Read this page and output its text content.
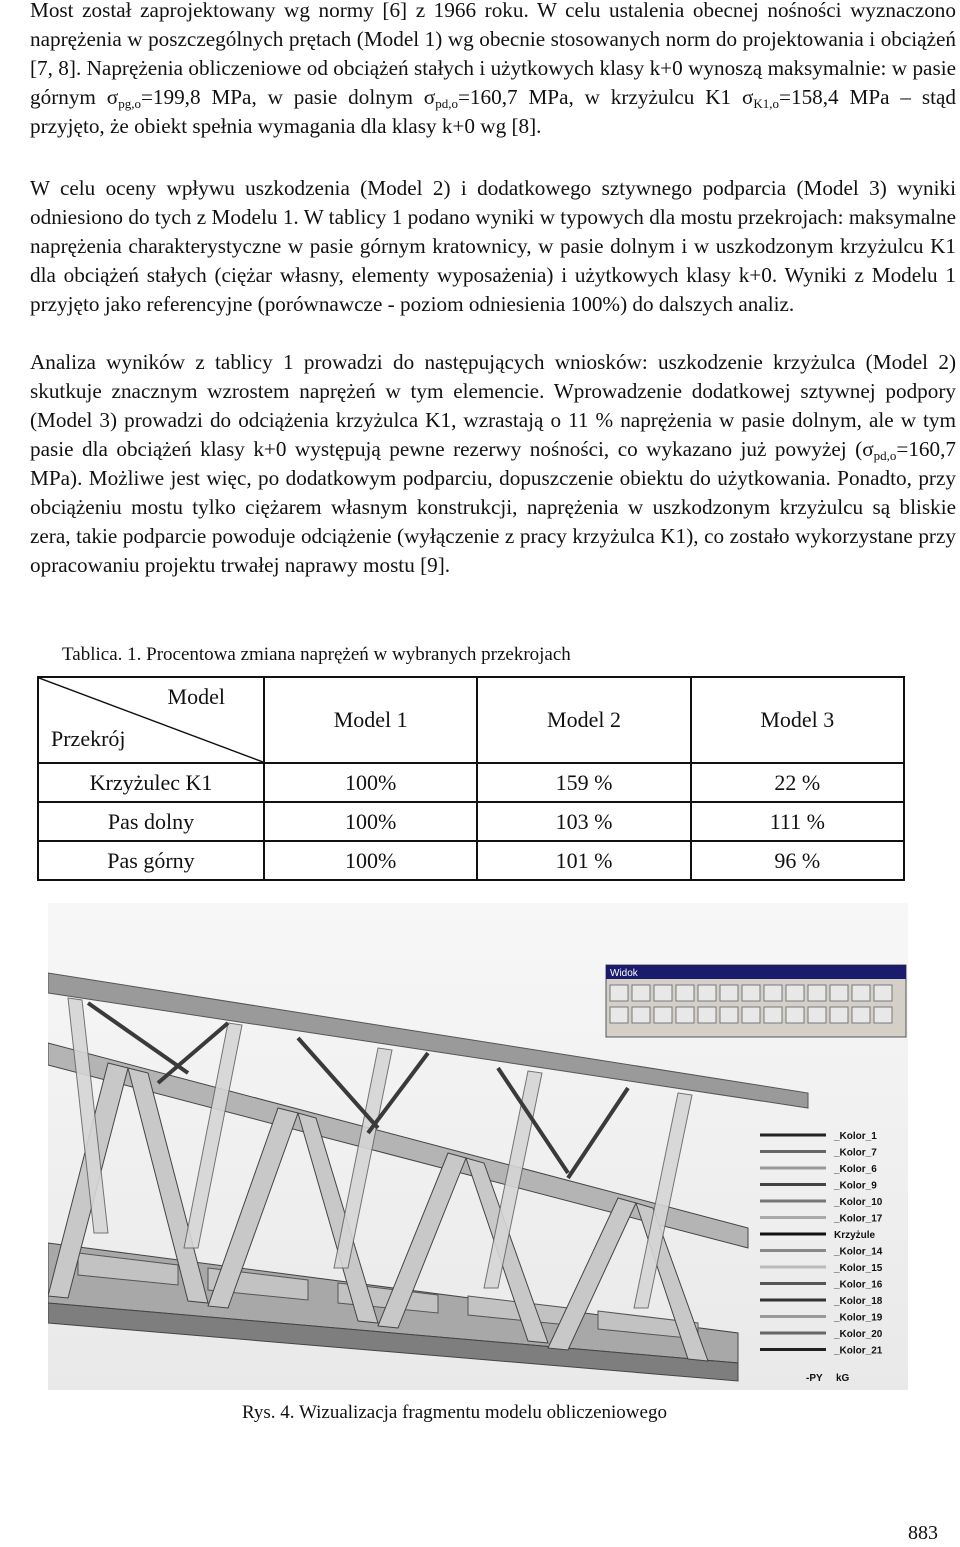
Most został zaprojektowany wg normy [6] z 1966 roku. W celu ustalenia obecnej nośności wyznaczono naprężenia w poszczególnych prętach (Model 1) wg obecnie stosowanych norm do projektowania i obciążeń [7, 8]. Naprężenia obliczeniowe od obciążeń stałych i użytkowych klasy k+0 wynoszą maksymalnie: w pasie górnym $\sigma_{pg,o}=199,8$ MPa, w pasie dolnym $\sigma_{pd,o}=160,7$ MPa, w krzyżulcu K1 $\sigma_{K1,o}=158,4$ MPa – stąd przyjęto, że obiekt spełnia wymagania dla klasy k+0 wg [8].

W celu oceny wpływu uszkodzenia (Model 2) i dodatkowego sztywnego podparcia (Model 3) wyniki odniesiono do tych z Modelu 1. W tablicy 1 podano wyniki w typowych dla mostu przekrojach: maksymalne naprężenia charakterystyczne w pasie górnym kratownicy, w pasie dolnym i w uszkodzonym krzyżulcu K1 dla obciążeń stałych (ciężar własny, elementy wyposażenia) i użytkowych klasy k+0. Wyniki z Modelu 1 przyjęto jako referencyjne (porównawcze - poziom odniesienia 100%) do dalszych analiz.

Analiza wyników z tablicy 1 prowadzi do następujących wniosków: uszkodzenie krzyżulca (Model 2) skutkuje znacznym wzrostem naprężeń w tym elemencie. Wprowadzenie dodatkowej sztywnej podpory (Model 3) prowadzi do odciążenia krzyżulca K1, wzrastają o 11 % naprężenia w pasie dolnym, ale w tym pasie dla obciążeń klasy k+0 występują pewne rezerwy nośności, co wykazano już powyżej ($\sigma_{pd,o}=160,7$ MPa). Możliwe jest więc, po dodatkowym podparciu, dopuszczenie obiektu do użytkowania. Ponadto, przy obciążeniu mostu tylko ciężarem własnym konstrukcji, naprężenia w uszkodzonym krzyżulcu są bliskie zera, takie podparcie powoduje odciążenie (wyłączenie z pracy krzyżulca K1), co zostało wykorzystane przy opracowaniu projektu trwałej naprawy mostu [9].

Tablica. 1. Procentowa zmiana naprężeń w wybranych przekrojach
Model
Przekrój	Model 1	Model 2	Model 3
Krzyżulec K1	100%	159 %	22 %
Pas dolny	100%	103 %	111 %
Pas górny	100%	101 %	96 %
Widok
_Kolor_1
_Kolor_7
_Kolor_6
_Kolor_9
_Kolor_10
_Kolor_17
Krzyżule
_Kolor_14
_Kolor_15
_Kolor_16
_Kolor_18
_Kolor_19
_Kolor_20
_Kolor_21
-PY kG
Rys. 4. Wizualizacja fragmentu modelu obliczeniowego
883
